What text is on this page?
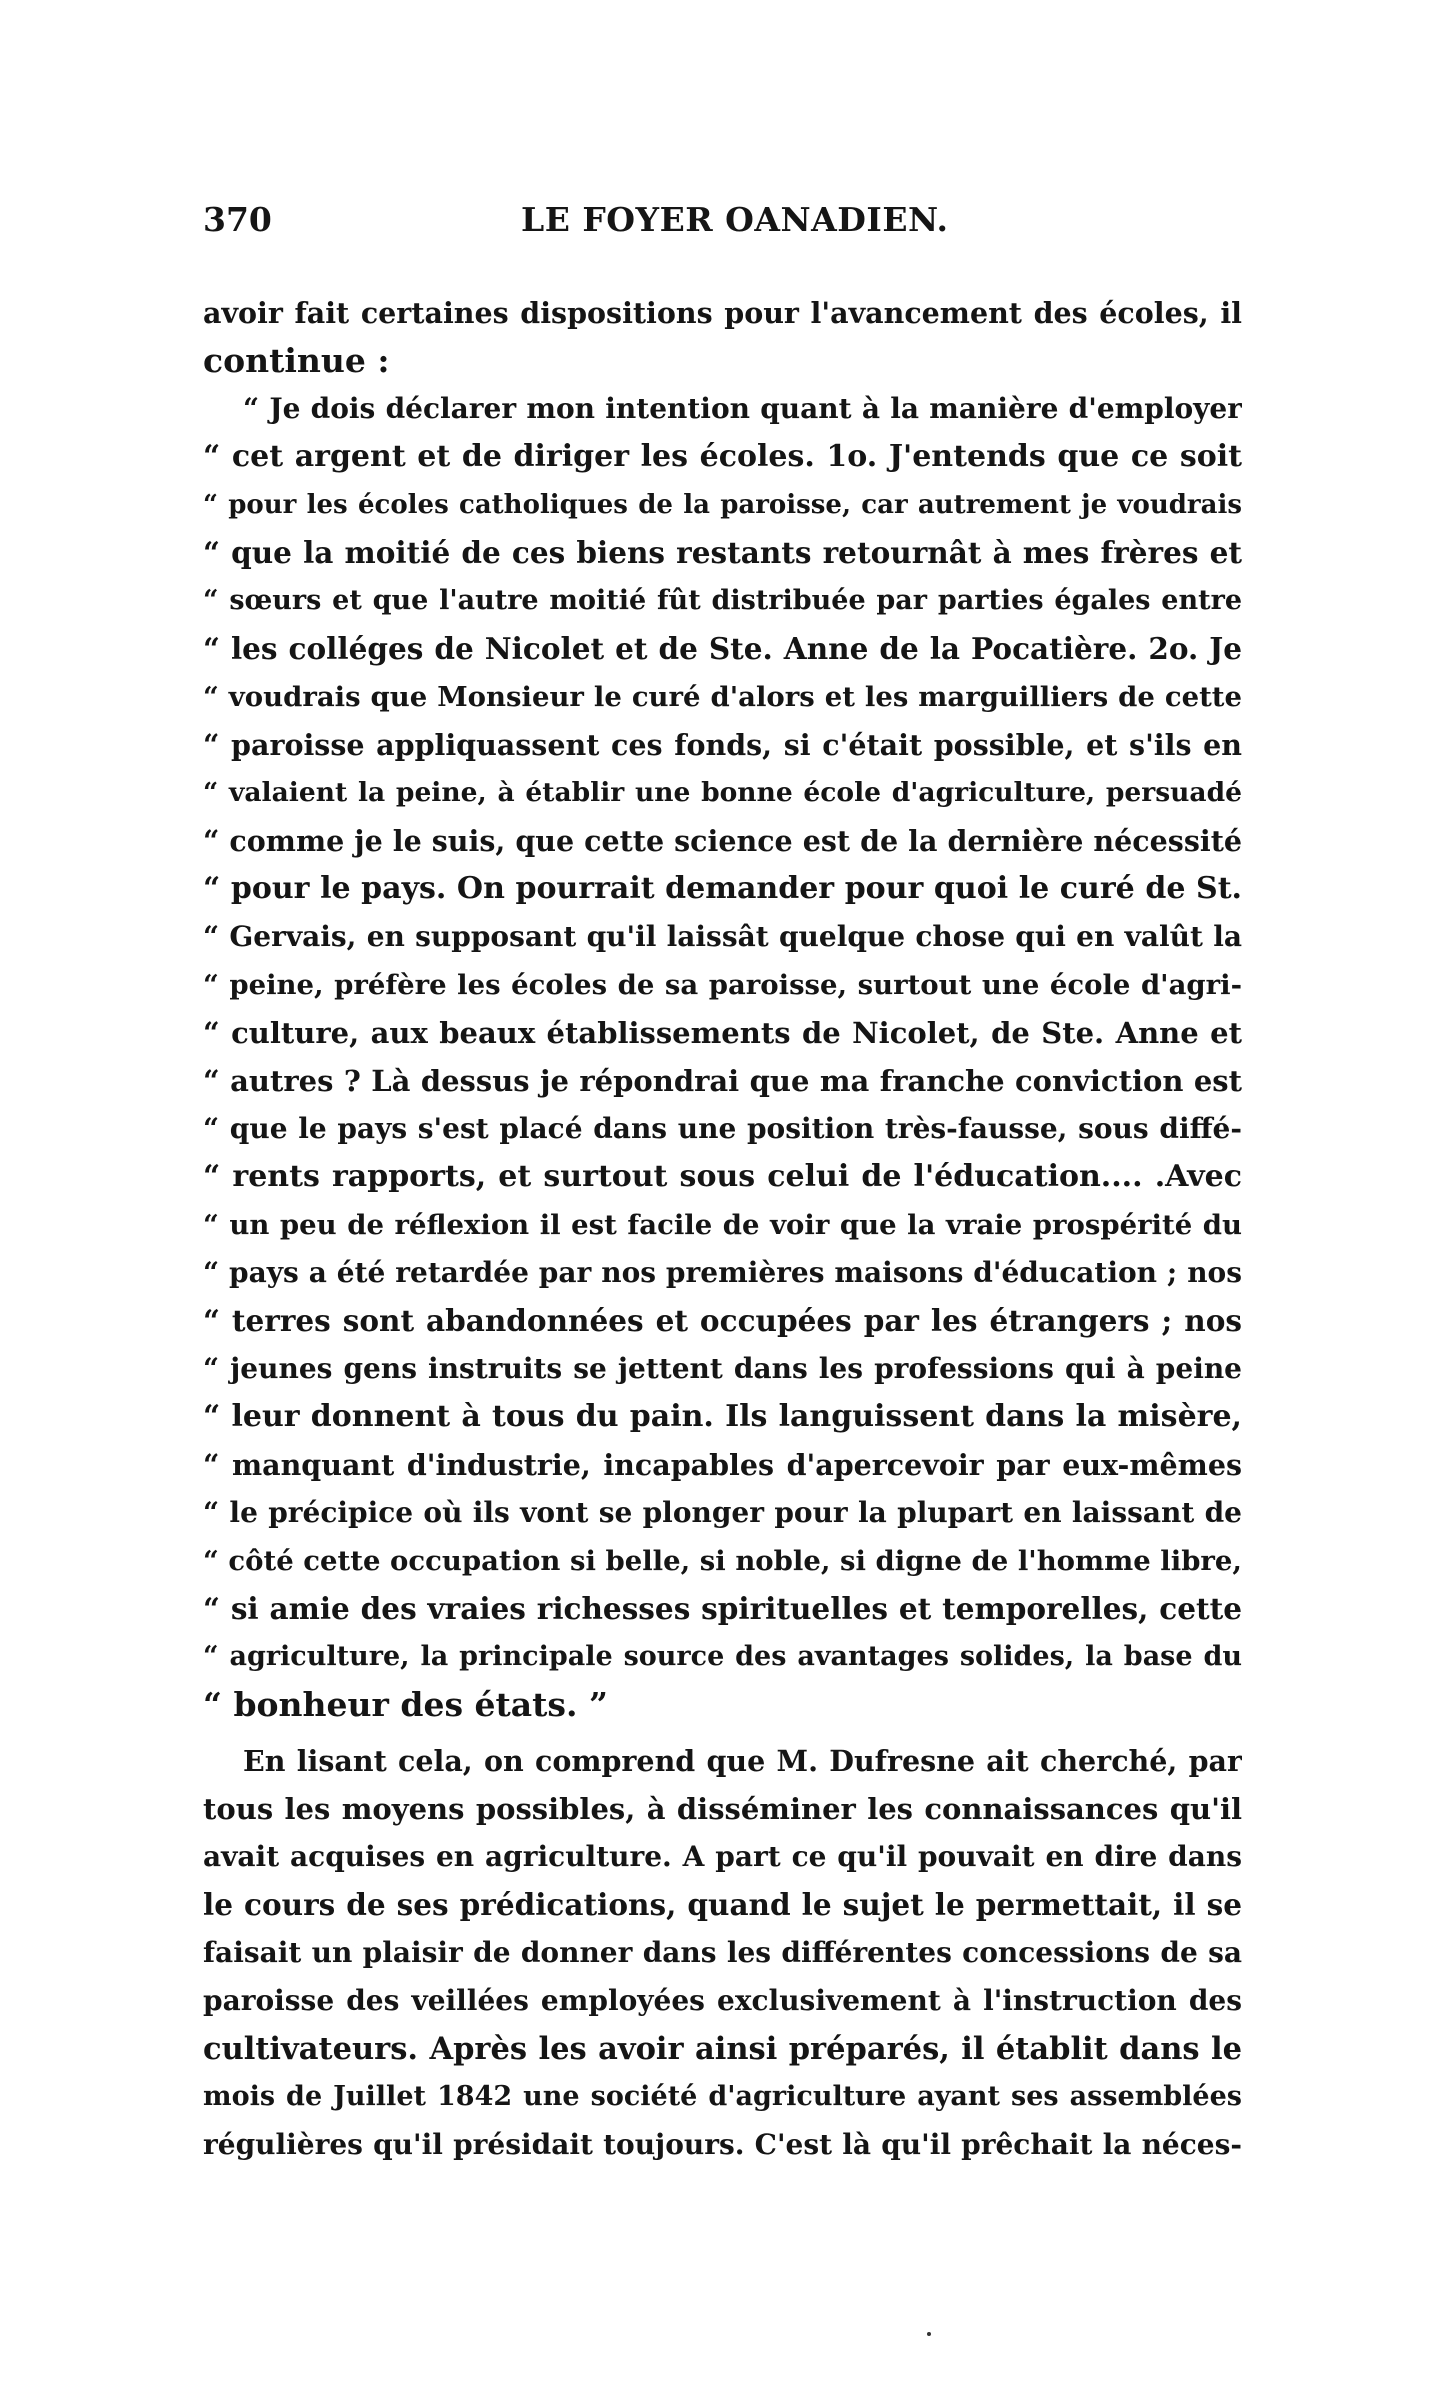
370	LE FOYER OANADIEN.
avoir fait certaines dispositions pour l'avancement des écoles, il
continue :
“ Je dois déclarer mon intention quant à la manière d'employer
“ cet argent et de diriger les écoles. 1o. J'entends que ce soit
“ pour les écoles catholiques de la paroisse, car autrement je voudrais
“ que la moitié de ces biens restants retournât à mes frères et
“ sœurs et que l'autre moitié fût distribuée par parties égales entre
“ les colléges de Nicolet et de Ste. Anne de la Pocatière. 2o. Je
“ voudrais que Monsieur le curé d'alors et les marguilliers de cette
“ paroisse appliquassent ces fonds, si c'était possible, et s'ils en
“ valaient la peine, à établir une bonne école d'agriculture, persuadé
“ comme je le suis, que cette science est de la dernière nécessité
“ pour le pays. On pourrait demander pour quoi le curé de St.
“ Gervais, en supposant qu'il laissât quelque chose qui en valût la
“ peine, préfère les écoles de sa paroisse, surtout une école d'agri-
“ culture, aux beaux établissements de Nicolet, de Ste. Anne et
“ autres ? Là dessus je répondrai que ma franche conviction est
“ que le pays s'est placé dans une position très-fausse, sous diffé-
“ rents rapports, et surtout sous celui de l'éducation.... .Avec
“ un peu de réflexion il est facile de voir que la vraie prospérité du
“ pays a été retardée par nos premières maisons d'éducation ; nos
“ terres sont abandonnées et occupées par les étrangers ; nos
“ jeunes gens instruits se jettent dans les professions qui à peine
“ leur donnent à tous du pain. Ils languissent dans la misère,
“ manquant d'industrie, incapables d'apercevoir par eux-mêmes
“ le précipice où ils vont se plonger pour la plupart en laissant de
“ côté cette occupation si belle, si noble, si digne de l'homme libre,
“ si amie des vraies richesses spirituelles et temporelles, cette
“ agriculture, la principale source des avantages solides, la base du
“ bonheur des états. ”
En lisant cela, on comprend que M. Dufresne ait cherché, par
tous les moyens possibles, à disséminer les connaissances qu'il
avait acquises en agriculture. A part ce qu'il pouvait en dire dans
le cours de ses prédications, quand le sujet le permettait, il se
faisait un plaisir de donner dans les différentes concessions de sa
paroisse des veillées employées exclusivement à l'instruction des
cultivateurs. Après les avoir ainsi préparés, il établit dans le
mois de Juillet 1842 une société d'agriculture ayant ses assemblées
régulières qu'il présidait toujours. C'est là qu'il prêchait la néces-
